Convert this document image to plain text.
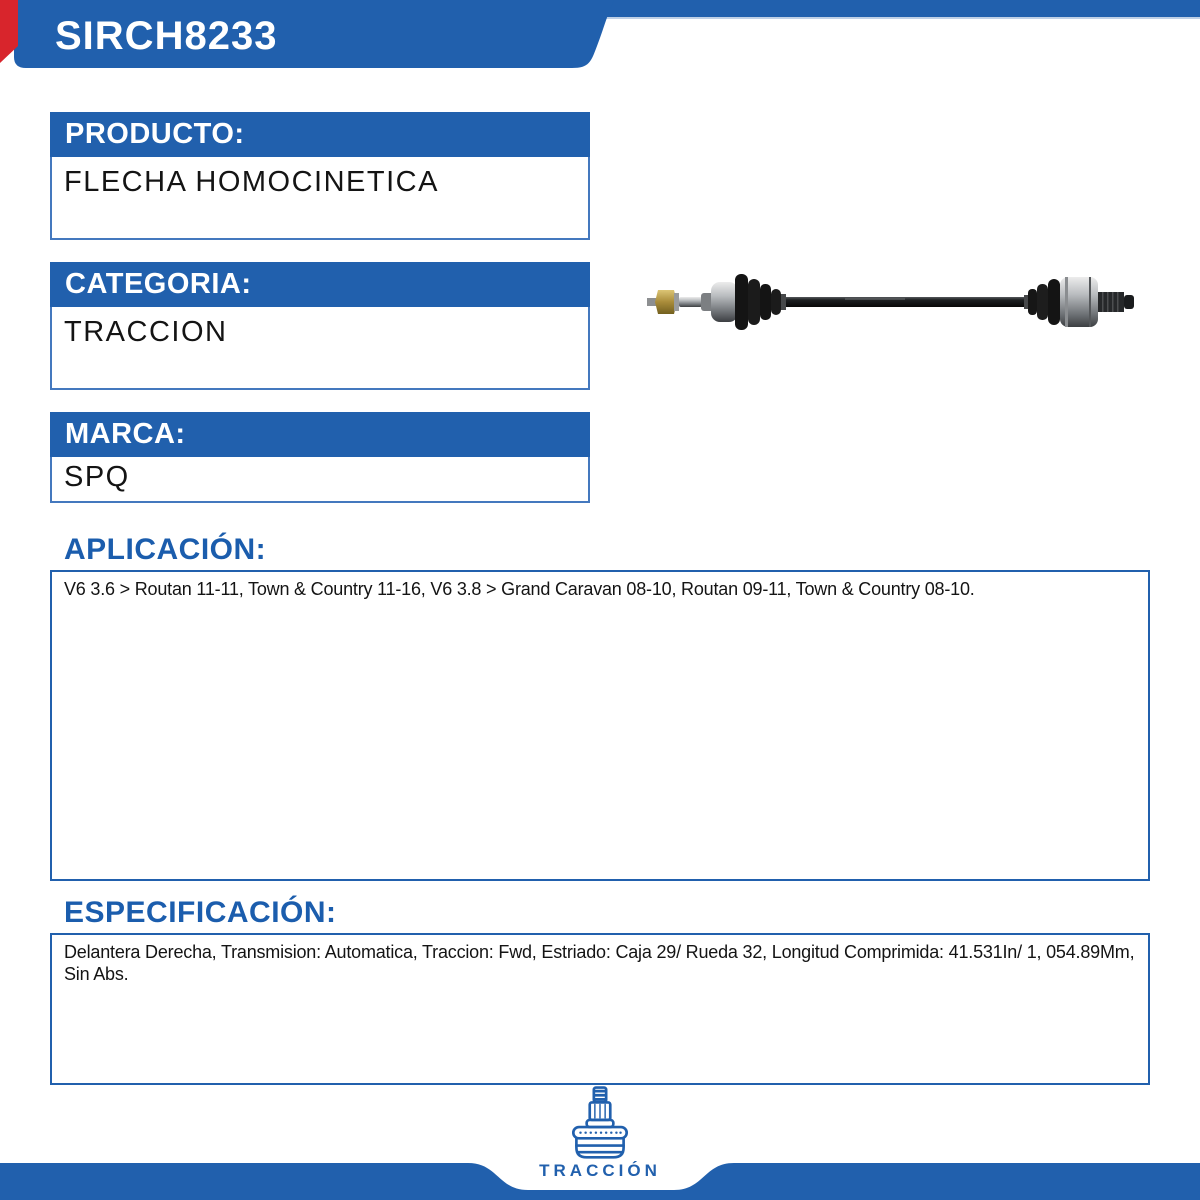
SIRCH8233
PRODUCTO:
FLECHA HOMOCINETICA
CATEGORIA:
TRACCION
MARCA:
SPQ
APLICACIÓN:
V6 3.6 > Routan 11-11, Town & Country 11-16, V6 3.8 > Grand Caravan 08-10, Routan 09-11, Town & Country 08-10.
ESPECIFICACIÓN:
Delantera Derecha, Transmision: Automatica, Traccion: Fwd, Estriado: Caja 29/ Rueda 32, Longitud Comprimida: 41.531In/ 1, 054.89Mm, Sin Abs.
TRACCIÓN
